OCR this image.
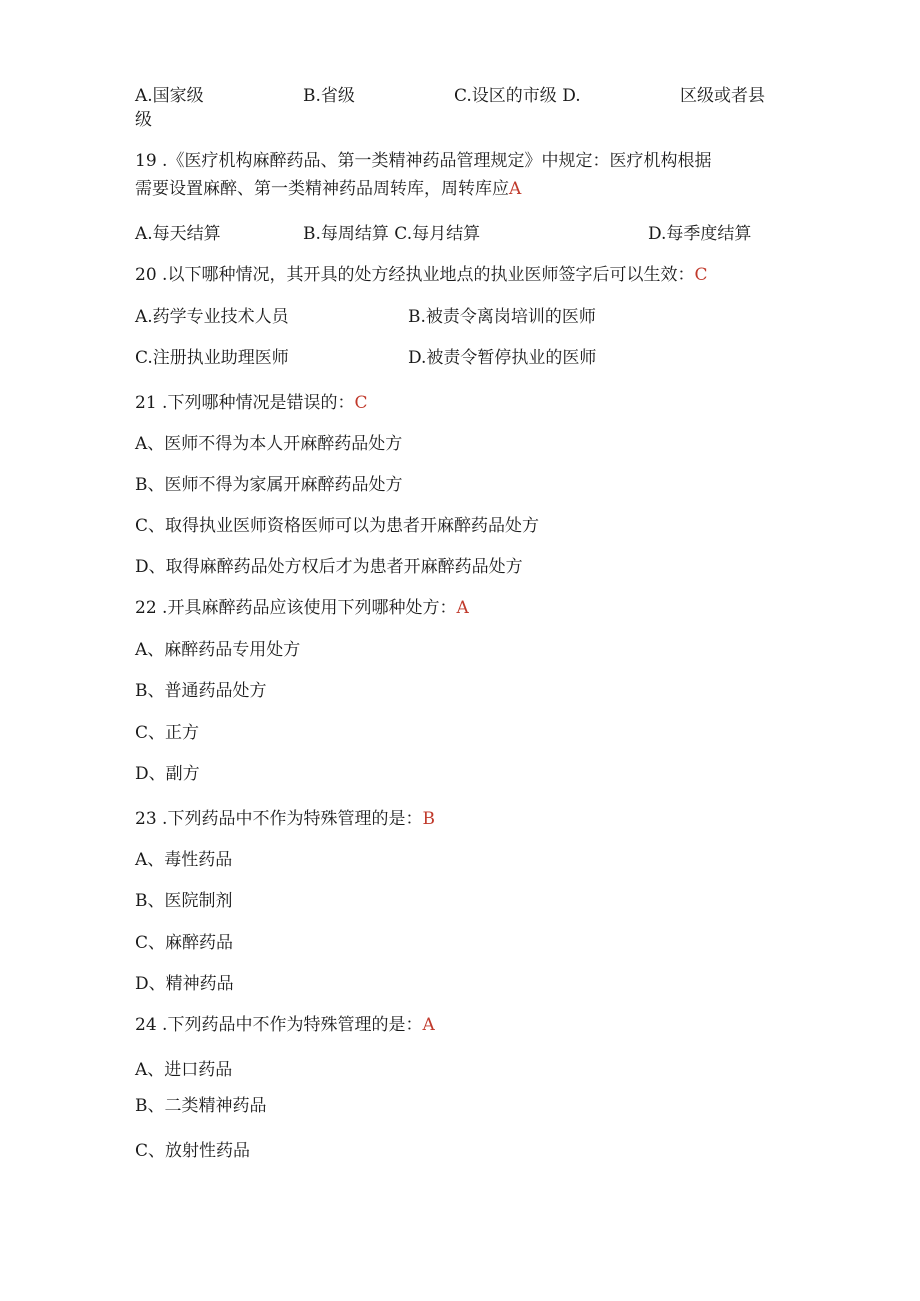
A.国家级	B.省级	C.设区的市级 D.	区级或者县
级
19 .《医疗机构麻醉药品、第一类精神药品管理规定》中规定：医疗机构根据
需要设置麻醉、第一类精神药品周转库，周转库应A
A.每天结算	B.每周结算 C.每月结算	D.每季度结算
20 .以下哪种情况，其开具的处方经执业地点的执业医师签字后可以生效：C
A.药学专业技术人员	B.被责令离岗培训的医师
C.注册执业助理医师	D.被责令暂停执业的医师
21 .下列哪种情况是错误的：C
A、医师不得为本人开麻醉药品处方
B、医师不得为家属开麻醉药品处方
C、取得执业医师资格医师可以为患者开麻醉药品处方
D、取得麻醉药品处方权后才为患者开麻醉药品处方
22 .开具麻醉药品应该使用下列哪种处方：A
A、麻醉药品专用处方
B、普通药品处方
C、正方
D、副方
23 .下列药品中不作为特殊管理的是：B
A、毒性药品
B、医院制剂
C、麻醉药品
D、精神药品
24 .下列药品中不作为特殊管理的是：A
A、进口药品
B、二类精神药品
C、放射性药品
